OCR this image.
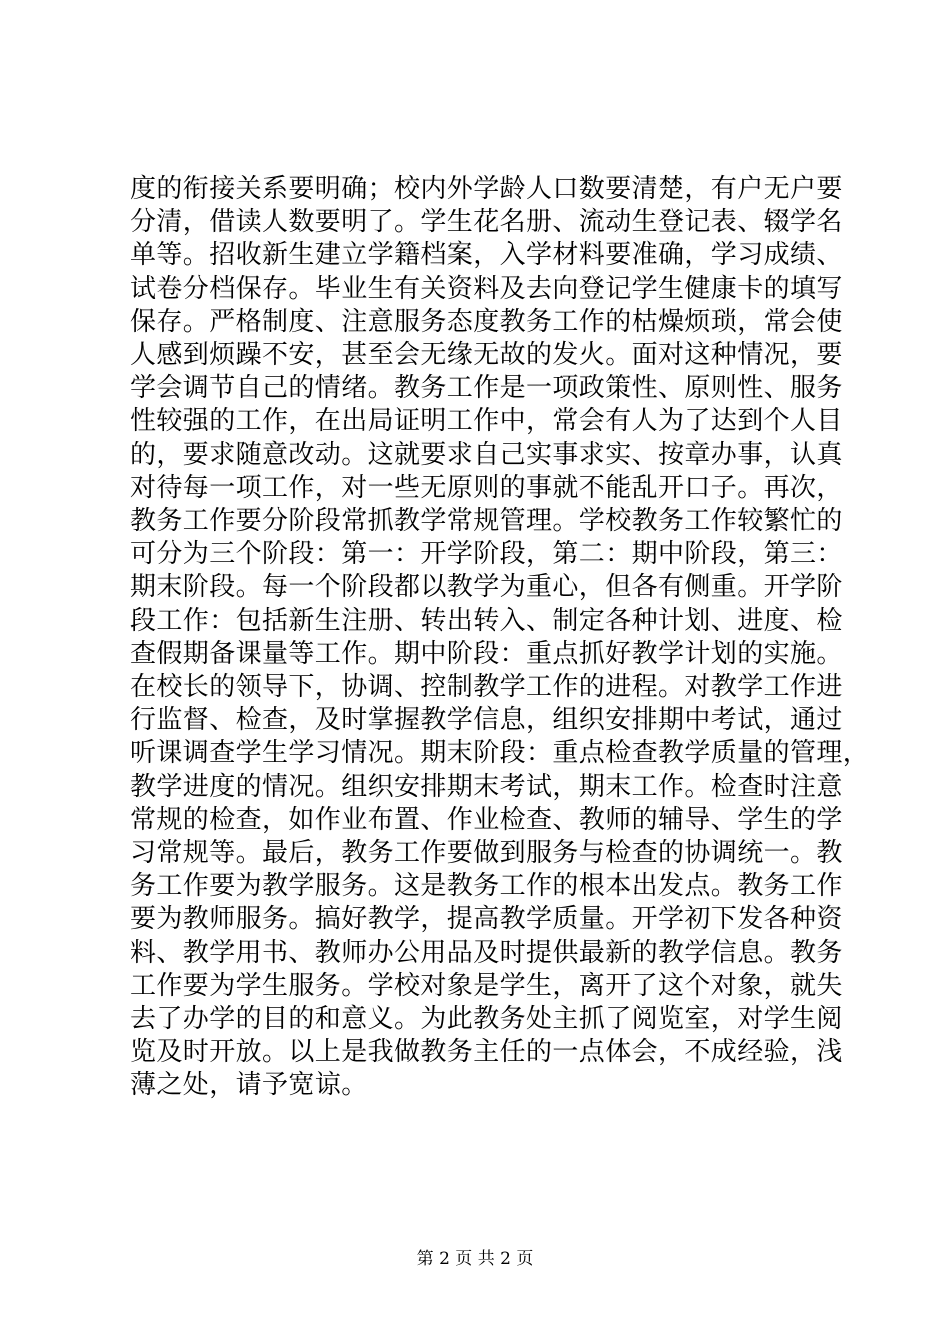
度的衔接关系要明确；校内外学龄人口数要清楚，有户无户要
分清，借读人数要明了。学生花名册、流动生登记表、辍学名
单等。招收新生建立学籍档案，入学材料要准确，学习成绩、
试卷分档保存。毕业生有关资料及去向登记学生健康卡的填写
保存。严格制度、注意服务态度教务工作的枯燥烦琐，常会使
人感到烦躁不安，甚至会无缘无故的发火。面对这种情况，要
学会调节自己的情绪。教务工作是一项政策性、原则性、服务
性较强的工作，在出局证明工作中，常会有人为了达到个人目
的，要求随意改动。这就要求自己实事求实、按章办事，认真
对待每一项工作，对一些无原则的事就不能乱开口子。再次，
教务工作要分阶段常抓教学常规管理。学校教务工作较繁忙的
可分为三个阶段：第一：开学阶段，第二：期中阶段，第三：
期末阶段。每一个阶段都以教学为重心，但各有侧重。开学阶
段工作：包括新生注册、转出转入、制定各种计划、进度、检
查假期备课量等工作。期中阶段：重点抓好教学计划的实施。
在校长的领导下，协调、控制教学工作的进程。对教学工作进
行监督、检查，及时掌握教学信息，组织安排期中考试，通过
听课调查学生学习情况。期末阶段：重点检查教学质量的管理，
教学进度的情况。组织安排期末考试，期末工作。检查时注意
常规的检查，如作业布置、作业检查、教师的辅导、学生的学
习常规等。最后，教务工作要做到服务与检查的协调统一。教
务工作要为教学服务。这是教务工作的根本出发点。教务工作
要为教师服务。搞好教学，提高教学质量。开学初下发各种资
料、教学用书、教师办公用品及时提供最新的教学信息。教务
工作要为学生服务。学校对象是学生，离开了这个对象，就失
去了办学的目的和意义。为此教务处主抓了阅览室，对学生阅
览及时开放。以上是我做教务主任的一点体会，不成经验，浅
薄之处，请予宽谅。
第 2 页 共 2 页
